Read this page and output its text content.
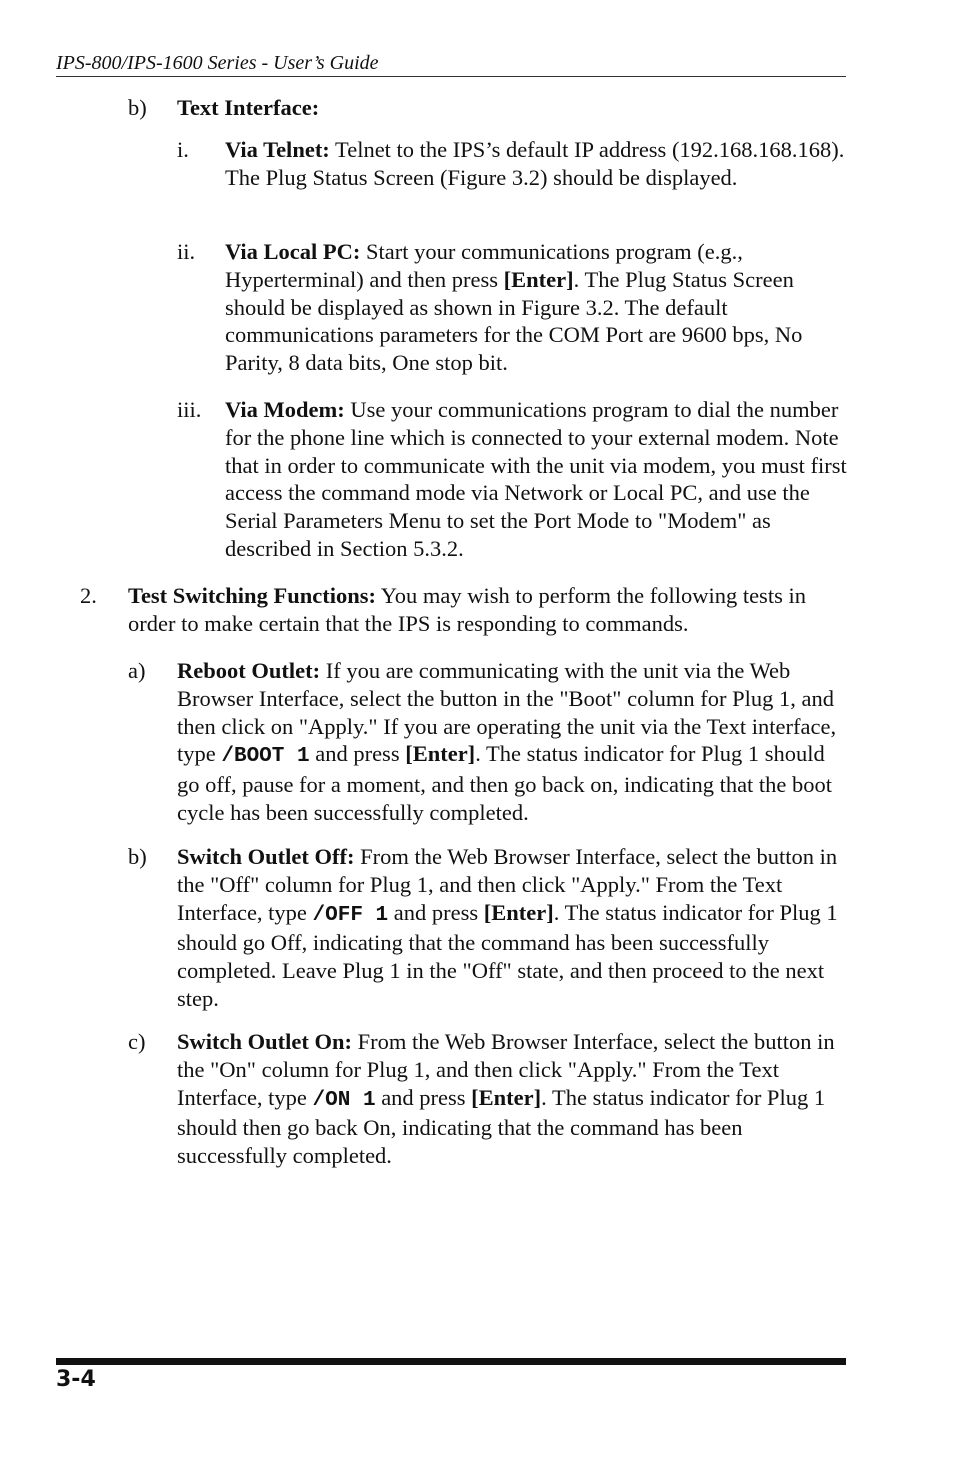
IPS-800/IPS-1600 Series - User’s Guide
b) Text Interface:
i. Via Telnet: Telnet to the IPS’s default IP address (192.168.168.168). The Plug Status Screen (Figure 3.2) should be displayed.
ii. Via Local PC: Start your communications program (e.g., Hyperterminal) and then press [Enter]. The Plug Status Screen should be displayed as shown in Figure 3.2. The default communications parameters for the COM Port are 9600 bps, No Parity, 8 data bits, One stop bit.
iii. Via Modem: Use your communications program to dial the number for the phone line which is connected to your external modem. Note that in order to communicate with the unit via modem, you must first access the command mode via Network or Local PC, and use the Serial Parameters Menu to set the Port Mode to "Modem" as described in Section 5.3.2.
2. Test Switching Functions: You may wish to perform the following tests in order to make certain that the IPS is responding to commands.
a) Reboot Outlet: If you are communicating with the unit via the Web Browser Interface, select the button in the "Boot" column for Plug 1, and then click on "Apply." If you are operating the unit via the Text interface, type /BOOT 1 and press [Enter]. The status indicator for Plug 1 should go off, pause for a moment, and then go back on, indicating that the boot cycle has been successfully completed.
b) Switch Outlet Off: From the Web Browser Interface, select the button in the "Off" column for Plug 1, and then click "Apply." From the Text Interface, type /OFF 1 and press [Enter]. The status indicator for Plug 1 should go Off, indicating that the command has been successfully completed. Leave Plug 1 in the "Off" state, and then proceed to the next step.
c) Switch Outlet On: From the Web Browser Interface, select the button in the "On" column for Plug 1, and then click "Apply." From the Text Interface, type /ON 1 and press [Enter]. The status indicator for Plug 1 should then go back On, indicating that the command has been successfully completed.
3-4
